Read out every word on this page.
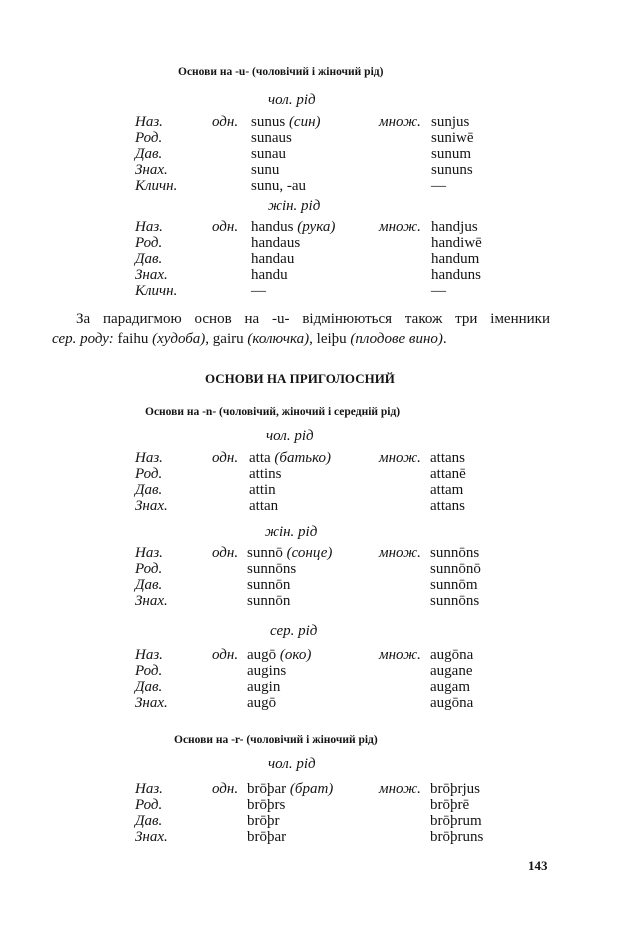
Основи на -u- (чоловічий і жіночий рід)
чол. рід
Наз.	одн. sunus (син)	множ. sunjus
Род.	sunaus	suniwē
Дав.	sunau	sunum
Знах.	sunu	sununs
Кличн.	sunu, -au	—
жін. рід
Наз.	одн. handus (рука)	множ. handjus
Род.	handaus	handiwē
Дав.	handau	handum
Знах.	handu	handuns
Кличн.	—	—
За парадигмою основ на -u- відмінюються також три іменники
сер. роду: faihu (худоба), gairu (колючка), leiþu (плодове вино).
ОСНОВИ НА ПРИГОЛОСНИЙ
Основи на -n- (чоловічий, жіночий і середній рід)
чол. рід
Наз.	одн. atta (батько)	множ. attans
Род.	attins	attanē
Дав.	attin	attam
Знах.	attan	attans
жін. рід
Наз.	одн. sunnō (сонце)	множ. sunnōns
Род.	sunnōns	sunnōnō
Дав.	sunnōn	sunnōm
Знах.	sunnōn	sunnōns
сер. рід
Наз.	одн. augō (око)	множ. augōna
Род.	augins	augane
Дав.	augin	augam
Знах.	augō	augōna
Основи на -r- (чоловічий і жіночий рід)
чол. рід
Наз.	одн. brōþar (брат)	множ. brōþrjus
Род.	brōþrs	brōþrē
Дав.	brōþr	brōþrum
Знах.	brōþar	brōþruns
143
